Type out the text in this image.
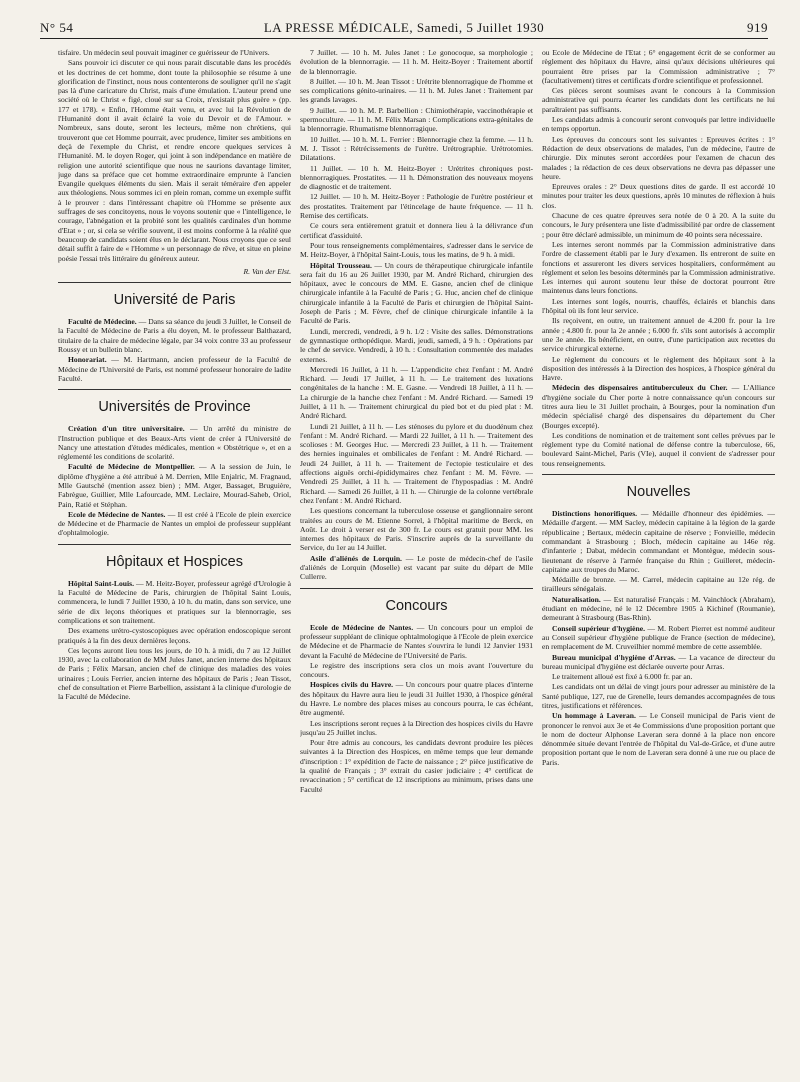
N° 54	LA PRESSE MÉDICALE, Samedi, 5 Juillet 1930	919

tisfaire. Un médecin seul pouvait imaginer ce guérisseur de l'Univers.

Sans pouvoir ici discuter ce qui nous parait discutable dans les procédés et les doctrines de cet homme, dont toute la philosophie se résume à une glorification de l'instinct, nous nous contenterons de souligner qu'il ne s'agit pas là d'une caricature du Christ, mais d'une émulation. L'auteur prend une société où le Christ « figé, cloué sur sa Croix, n'existait plus guère » (pp. 177 et 178). « Enfin, l'Homme était venu, et avec lui la Révolution de l'Humanité dont il avait éclairé la voie du Devoir et de l'Amour. » Nombreux, sans doute, seront les lecteurs, même non chrétiens, qui trouveront que cet Homme pourrait, avec prudence, limiter ses ambitions en deçà de l'exemple du Christ, et rendre encore quelques services à l'Humanité. M. le doyen Roger, qui joint à son indépendance en matière de religion une autorité scientifique que nous ne saurions davantage limiter, juge dans sa préface que cet homme extraordinaire emprunte à l'ancien Evangile quelques éléments du sien. Mais il serait téméraire d'en appeler aux théologiens. Nous sommes ici en plein roman, comme un exemple suffit à le prouver : dans l'intéressant chapitre où l'Homme se présente aux suffrages de ses concitoyens, nous le voyons soutenir que « l'intelligence, le courage, l'abnégation et la probité sont les qualités cardinales d'un homme d'Etat » ; or, si cela se vérifie souvent, il est moins conforme à la réalité que beaucoup de candidats soient élus en le déclarant. Nous croyons que ce seul détail suffit à faire de « l'Homme » un personnage de rêve, et situe en pleine poésie l'essai très littéraire du généreux auteur.

R. Van der Elst.
Université de Paris

Faculté de Médecine. — Dans sa séance du jeudi 3 Juillet, le Conseil de la Faculté de Médecine de Paris a élu doyen, M. le professeur Balthazard, titulaire de la chaire de médecine légale, par 34 voix contre 33 au professeur Roussy et un bulletin blanc.

Honorariat. — M. Hartmann, ancien professeur de la Faculté de Médecine de l'Université de Paris, est nommé professeur honoraire de ladite Faculté.

Universités de Province

Création d'un titre universitaire. — Un arrêté du ministre de l'Instruction publique et des Beaux-Arts vient de créer à l'Université de Nancy une attestation d'études médicales, mention « Obstétrique », et en a réglementé les conditions de scolarité.

Faculté de Médecine de Montpellier. — A la session de Juin, le diplôme d'hygiène a été attribué à M. Derrien, Mlle Enjalric, M. Fragnaud, Mlle Gautsché (mention assez bien) ; MM. Atger, Bassaget, Bruguière, Fabrègue, Guillier, Mlle Lafourcade, MM. Leclaire, Mourad-Saheb, Oriol, Pain, Ratié et Stéphan.

Ecole de Médecine de Nantes. — Il est créé à l'Ecole de plein exercice de Médecine et de Pharmacie de Nantes un emploi de professeur suppléant d'ophtalmologie.

Hôpitaux et Hospices

Hôpital Saint-Louis. — M. Heitz-Boyer, professeur agrégé d'Urologie à la Faculté de Médecine de Paris, chirurgien de l'hôpital Saint Louis, commencera, le lundi 7 Juillet 1930, à 10 h. du matin, dans son service, une série de dix leçons théoriques et pratiques sur la blennorragie, ses complications et son traitement.

Des examens urétro-cystoscopiques avec opération endoscopique seront pratiqués à la fin des deux dernières leçons.

Ces leçons auront lieu tous les jours, de 10 h. à midi, du 7 au 12 Juillet 1930, avec la collaboration de MM Jules Janet, ancien interne des hôpitaux de Paris ; Félix Marsan, ancien chef de clinique des maladies des voies urinaires ; Louis Ferrier, ancien interne des hôpitaux de Paris ; Jean Tissot, chef de consultation et Pierre Barbellion, assistant à la clinique d'urologie de la Faculté de Médecine.

7 Juillet. — 10 h. M. Jules Janet : Le gonocoque, sa morphologie ; évolution de la blennorragie. — 11 h. M. Heitz-Boyer : Traitement abortif de la blennorragie.

8 Juillet. — 10 h. M. Jean Tissot : Urétrite blennorragique de l'homme et ses complications génito-urinaires. — 11 h. M. Jules Janet : Traitement par les grands lavages.

9 Juillet. — 10 h. M. P. Barbellion : Chimiothérapie, vaccinothérapie et spermoculture. — 11 h. M. Félix Marsan : Complications extra-génitales de la blennorragie. Rhumatisme blennorragique.

10 Juillet. — 10 h. M. L. Ferrier : Blennorragie chez la femme. — 11 h. M. J. Tissot : Rétrécissements de l'urètre. Urétrographie. Urétrotomies. Dilatations.

11 Juillet. — 10 h. M. Heitz-Boyer : Urétrites chroniques post-blennorragiques. Prostatites. — 11 h. Démonstration des nouveaux moyens de diagnostic et de traitement.

12 Juillet. — 10 h. M. Heitz-Boyer : Pathologie de l'urètre postérieur et des prostatites. Traitement par l'étincelage de haute fréquence. — 11 h. Remise des certificats.

Ce cours sera entièrement gratuit et donnera lieu à la délivrance d'un certificat d'assiduité.

Pour tous renseignements complémentaires, s'adresser dans le service de M. Heitz-Boyer, à l'hôpital Saint-Louis, tous les matins, de 9 h. à midi.

Hôpital Trousseau. — Un cours de thérapeutique chirurgicale infantile sera fait du 16 au 26 Juillet 1930, par M. André Richard, chirurgien des hôpitaux, avec le concours de MM. E. Gasne, ancien chef de clinique chirurgicale infantile à la Faculté de Paris ; G. Huc, ancien chef de clinique chirurgicale infantile à la Faculté de Paris et chirurgien de l'hôpital Saint-Joseph de Paris ; M. Fèvre, chef de clinique chirurgicale infantile à la Faculté de Paris.

Lundi, mercredi, vendredi, à 9 h. 1/2 : Visite des salles. Démonstrations de gymnastique orthopédique. Mardi, jeudi, samedi, à 9 h. : Opérations par le chef de service. Vendredi, à 10 h. : Consultation commentée des malades externes.

Mercredi 16 Juillet, à 11 h. — L'appendicite chez l'enfant : M. André Richard. — Jeudi 17 Juillet, à 11 h. — Le traitement des luxations congénitales de la hanche : M. E. Gasne. — Vendredi 18 Juillet, à 11 h. — La chirurgie de la hanche chez l'enfant : M. André Richard. — Samedi 19 Juillet, à 11 h. — Traitement chirurgical du pied bot et du pied plat : M. André Richard.

Lundi 21 Juillet, à 11 h. — Les sténoses du pylore et du duodénum chez l'enfant : M. André Richard. — Mardi 22 Juillet, à 11 h. — Traitement des scolioses : M. Georges Huc. — Mercredi 23 Juillet, à 11 h. — Traitement des hernies inguinales et ombilicales de l'enfant : M. André Richard. — Jeudi 24 Juillet, à 11 h. — Traitement de l'ectopie testiculaire et des affections aiguës orchi-épididymaires chez l'enfant : M. M. Fèvre. — Vendredi 25 Juillet, à 11 h. — Traitement de l'hypospadias : M. André Richard. — Samedi 26 Juillet, à 11 h. — Chirurgie de la colonne vertébrale chez l'enfant : M. André Richard.

Les questions concernant la tuberculose osseuse et ganglionnaire seront traitées au cours de M. Etienne Sorrel, à l'hôpital maritime de Berck, en Août. Le droit à verser est de 300 fr. Le cours est gratuit pour MM. les internes des hôpitaux de Paris. S'inscrire auprès de la surveillante du Service, du 1er au 14 Juillet.

Asile d'aliénés de Lorquin. — Le poste de médecin-chef de l'asile d'aliénés de Lorquin (Moselle) est vacant par suite du départ de Mlle Cullerre.

Concours

Ecole de Médecine de Nantes. — Un concours pour un emploi de professeur suppléant de clinique ophtalmologique à l'Ecole de plein exercice de Médecine et de Pharmacie de Nantes s'ouvrira le lundi 12 Janvier 1931 devant la Faculté de Médecine de l'Université de Paris.

Le registre des inscriptions sera clos un mois avant l'ouverture du concours.

Hospices civils du Havre. — Un concours pour quatre places d'interne des hôpitaux du Havre aura lieu le jeudi 31 Juillet 1930, à l'hospice général du Havre. Le nombre des places mises au concours pourra, le cas échéant, être augmenté.

Les inscriptions seront reçues à la Direction des hospices civils du Havre jusqu'au 25 Juillet inclus.

Pour être admis au concours, les candidats devront produire les pièces suivantes à la Direction des Hospices, en même temps que leur demande d'inscription : 1° expédition de l'acte de naissance ; 2° pièce justificative de la qualité de Français ; 3° extrait du casier judiciaire ; 4° certificat de revaccination ; 5° certificat de 12 inscriptions au minimum, prises dans une Faculté

ou Ecole de Médecine de l'Etat ; 6° engagement écrit de se conformer au règlement des hôpitaux du Havre, ainsi qu'aux décisions ultérieures qui pourraient être prises par la Commission administrative ; 7° (facultativement) titres et certificats d'ordre scientifique et professionnel.

Ces pièces seront soumises avant le concours à la Commission administrative qui pourra écarter les candidats dont les certificats ne lui paraîtraient pas suffisants.

Les candidats admis à concourir seront convoqués par lettre individuelle en temps opportun.

Les épreuves du concours sont les suivantes : Epreuves écrites : 1° Rédaction de deux observations de malades, l'un de médecine, l'autre de chirurgie. Dix minutes seront accordées pour l'examen de chacun des malades ; la rédaction de ces deux observations ne devra pas dépasser une heure.

Epreuves orales : 2° Deux questions dites de garde. Il est accordé 10 minutes pour traiter les deux questions, après 10 minutes de réflexion à huis clos.

Chacune de ces quatre épreuves sera notée de 0 à 20. A la suite du concours, le Jury présentera une liste d'admissibilité par ordre de classement ; pour être déclaré admissible, un minimum de 40 points sera nécessaire.

Les internes seront nommés par la Commission administrative dans l'ordre de classement établi par le Jury d'examen. Ils entreront de suite en fonctions et assureront les divers services hospitaliers, conformément au règlement et selon les besoins déterminés par la Commission administrative. Les internes qui auront soutenu leur thèse de doctorat pourront être maintenus dans leurs fonctions.

Les internes sont logés, nourris, chauffés, éclairés et blanchis dans l'hôpital où ils font leur service.

Ils reçoivent, en outre, un traitement annuel de 4.200 fr. pour la 1re année ; 4.800 fr. pour la 2e année ; 6.000 fr. s'ils sont autorisés à accomplir une 3e année. Ils bénéficient, en outre, d'une participation aux recettes du service chirurgical externe.

Le règlement du concours et le règlement des hôpitaux sont à la disposition des intéressés à la Direction des hospices, à l'hospice général du Havre.

Médecin des dispensaires antituberculeux du Cher. — L'Alliance d'hygiène sociale du Cher porte à notre connaissance qu'un concours sur titres aura lieu le 31 Juillet prochain, à Bourges, pour la nomination d'un médecin spécialisé chargé des dispensaires du département du Cher (Bourges excepté).

Les conditions de nomination et de traitement sont celles prévues par le règlement type du Comité national de défense contre la tuberculose, 66, boulevard Saint-Michel, Paris (VIe), auquel il convient de s'adresser pour tous renseignements.

Nouvelles

Distinctions honorifiques. — Médaille d'honneur des épidémies. — Médaille d'argent. — MM Sacley, médecin capitaine à la légion de la garde républicaine ; Bertaux, médecin capitaine de réserve ; Fonvieille, médecin commandant à Strasbourg ; Bloch, médecin capitaine au 146e rég. d'infanterie ; Dabat, médecin commandant et Montègue, médecin sous-lieutenant de réserve à l'armée française du Rhin ; Guilleret, médecin-capitaine aux troupes du Maroc.

Médaille de bronze. — M. Carrel, médecin capitaine au 12e rég. de tirailleurs sénégalais.

Naturalisation. — Est naturalisé Français : M. Vainchlock (Abraham), étudiant en médecine, né le 12 Décembre 1905 à Kichinef (Roumanie), demeurant à Strasbourg (Bas-Rhin).

Conseil supérieur d'hygiène. — M. Robert Pierret est nommé auditeur au Conseil supérieur d'hygiène publique de France (section de médecine), en remplacement de M. Cruveilhier nommé membre de cette assemblée.

Bureau municipal d'hygiène d'Arras. — La vacance de directeur du bureau municipal d'hygiène est déclarée ouverte pour Arras.

Le traitement alloué est fixé à 6.000 fr. par an.

Les candidats ont un délai de vingt jours pour adresser au ministère de la Santé publique, 127, rue de Grenelle, leurs demandes accompagnées de tous titres, justifications et références.

Un hommage à Laveran. — Le Conseil municipal de Paris vient de prononcer le renvoi aux 3e et 4e Commissions d'une proposition portant que le nom de docteur Alphonse Laveran sera donné à la place non encore dénommée située devant l'entrée de l'hôpital du Val-de-Grâce, et d'une autre proposition portant que le nom de Laveran sera donné à une rue ou place de Paris.
